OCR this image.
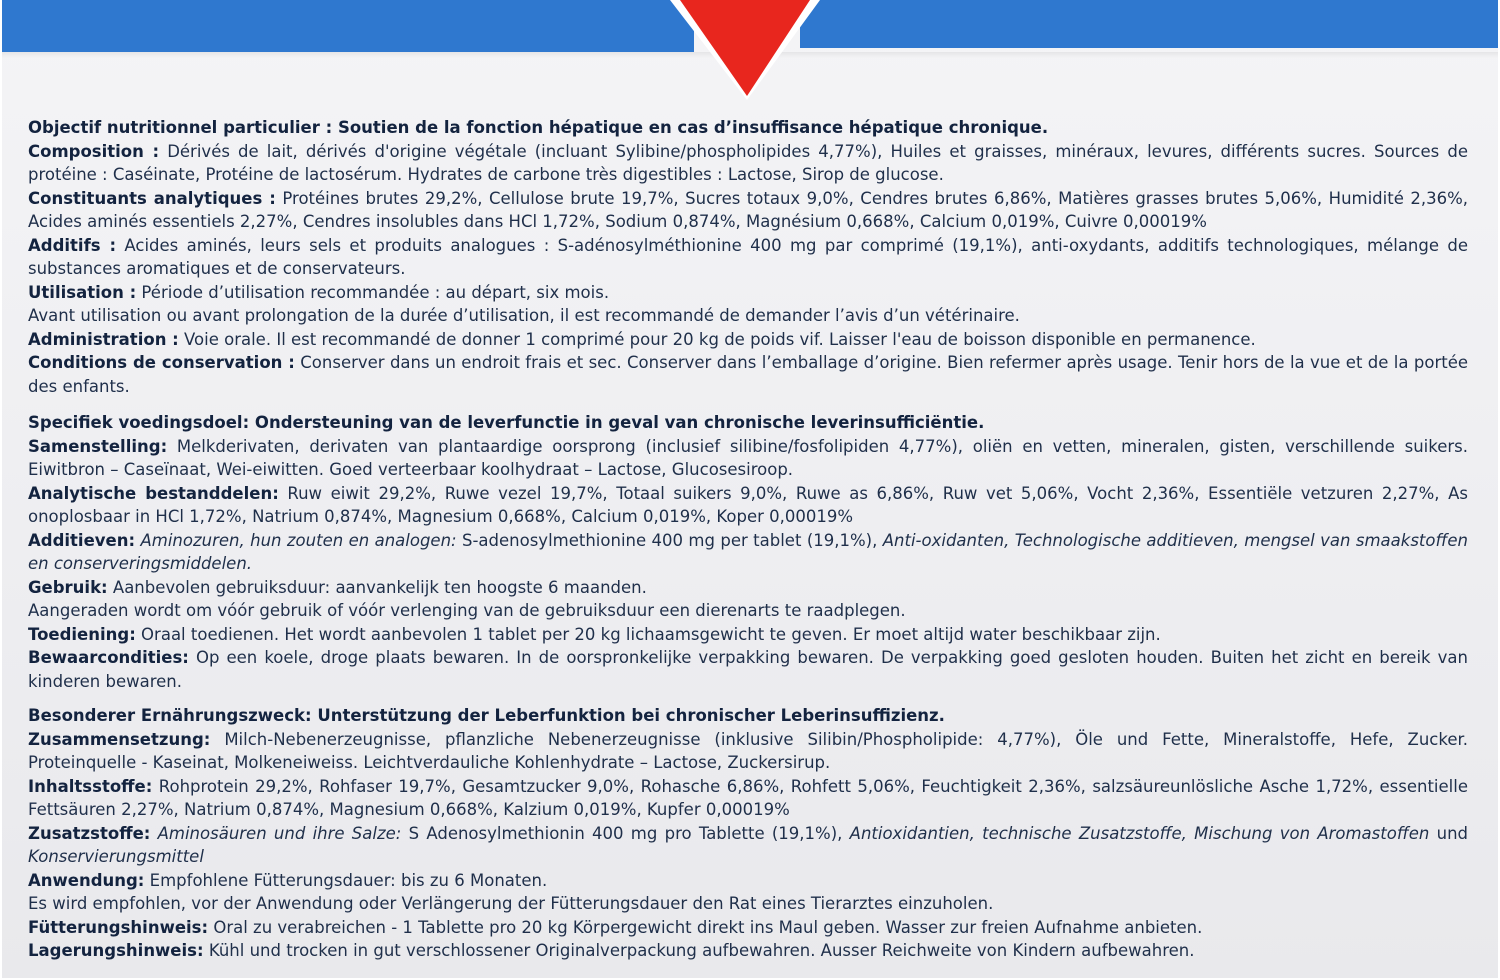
Objectif nutritionnel particulier : Soutien de la fonction hépatique en cas d’insuffisance hépatique chronique.

Composition : Dérivés de lait, dérivés d'origine végétale (incluant Sylibine/phospholipides 4,77%), Huiles et graisses, minéraux, levures, différents sucres. Sources de protéine : Caséinate, Protéine de lactosérum. Hydrates de carbone très digestibles : Lactose, Sirop de glucose.

Constituants analytiques : Protéines brutes 29,2%, Cellulose brute 19,7%, Sucres totaux 9,0%, Cendres brutes 6,86%, Matières grasses brutes 5,06%, Humidité 2,36%, Acides aminés essentiels 2,27%, Cendres insolubles dans HCl 1,72%, Sodium 0,874%, Magnésium 0,668%, Calcium 0,019%, Cuivre 0,00019%

Additifs : Acides aminés, leurs sels et produits analogues : S-adénosylméthionine 400 mg par comprimé (19,1%), anti-oxydants, additifs technologiques, mélange de substances aromatiques et de conservateurs.

Utilisation : Période d’utilisation recommandée : au départ, six mois.

Avant utilisation ou avant prolongation de la durée d’utilisation, il est recommandé de demander l’avis d’un vétérinaire.

Administration : Voie orale. Il est recommandé de donner 1 comprimé pour 20 kg de poids vif. Laisser l'eau de boisson disponible en permanence.

Conditions de conservation : Conserver dans un endroit frais et sec. Conserver dans l’emballage d’origine. Bien refermer après usage. Tenir hors de la vue et de la portée des enfants.

Specifiek voedingsdoel: Ondersteuning van de leverfunctie in geval van chronische leverinsufficiëntie.

Samenstelling: Melkderivaten, derivaten van plantaardige oorsprong (inclusief silibine/fosfolipiden 4,77%), oliën en vetten, mineralen, gisten, verschillende suikers. Eiwitbron – Caseïnaat, Wei-eiwitten. Goed verteerbaar koolhydraat – Lactose, Glucosesiroop.

Analytische bestanddelen: Ruw eiwit 29,2%, Ruwe vezel 19,7%, Totaal suikers 9,0%, Ruwe as 6,86%, Ruw vet 5,06%, Vocht 2,36%, Essentiële vetzuren 2,27%, As onoplosbaar in HCl 1,72%, Natrium 0,874%, Magnesium 0,668%, Calcium 0,019%, Koper 0,00019%

Additieven: Aminozuren, hun zouten en analogen: S-adenosylmethionine 400 mg per tablet (19,1%), Anti-oxidanten, Technologische additieven, mengsel van smaakstoffen en conserveringsmiddelen.

Gebruik: Aanbevolen gebruiksduur: aanvankelijk ten hoogste 6 maanden.

Aangeraden wordt om vóór gebruik of vóór verlenging van de gebruiksduur een dierenarts te raadplegen.

Toediening: Oraal toedienen. Het wordt aanbevolen 1 tablet per 20 kg lichaamsgewicht te geven. Er moet altijd water beschikbaar zijn.

Bewaarcondities: Op een koele, droge plaats bewaren. In de oorspronkelijke verpakking bewaren. De verpakking goed gesloten houden. Buiten het zicht en bereik van kinderen bewaren.

Besonderer Ernährungszweck: Unterstützung der Leberfunktion bei chronischer Leberinsuffizienz.

Zusammensetzung: Milch-Nebenerzeugnisse, pflanzliche Nebenerzeugnisse (inklusive Silibin/Phospholipide: 4,77%), Öle und Fette, Mineralstoffe, Hefe, Zucker. Proteinquelle - Kaseinat, Molkeneiweiss. Leichtverdauliche Kohlenhydrate – Lactose, Zuckersirup.

Inhaltsstoffe: Rohprotein 29,2%, Rohfaser 19,7%, Gesamtzucker 9,0%, Rohasche 6,86%, Rohfett 5,06%, Feuchtigkeit 2,36%, salzsäureunlösliche Asche 1,72%, essentielle Fettsäuren 2,27%, Natrium 0,874%, Magnesium 0,668%, Kalzium 0,019%, Kupfer 0,00019%

Zusatzstoffe: Aminosäuren und ihre Salze: S Adenosylmethionin 400 mg pro Tablette (19,1%), Antioxidantien, technische Zusatzstoffe, Mischung von Aromastoffen und Konservierungsmittel

Anwendung: Empfohlene Fütterungsdauer: bis zu 6 Monaten.

Es wird empfohlen, vor der Anwendung oder Verlängerung der Fütterungsdauer den Rat eines Tierarztes einzuholen.

Fütterungshinweis: Oral zu verabreichen - 1 Tablette pro 20 kg Körpergewicht direkt ins Maul geben. Wasser zur freien Aufnahme anbieten.

Lagerungshinweis: Kühl und trocken in gut verschlossener Originalverpackung aufbewahren. Ausser Reichweite von Kindern aufbewahren.
